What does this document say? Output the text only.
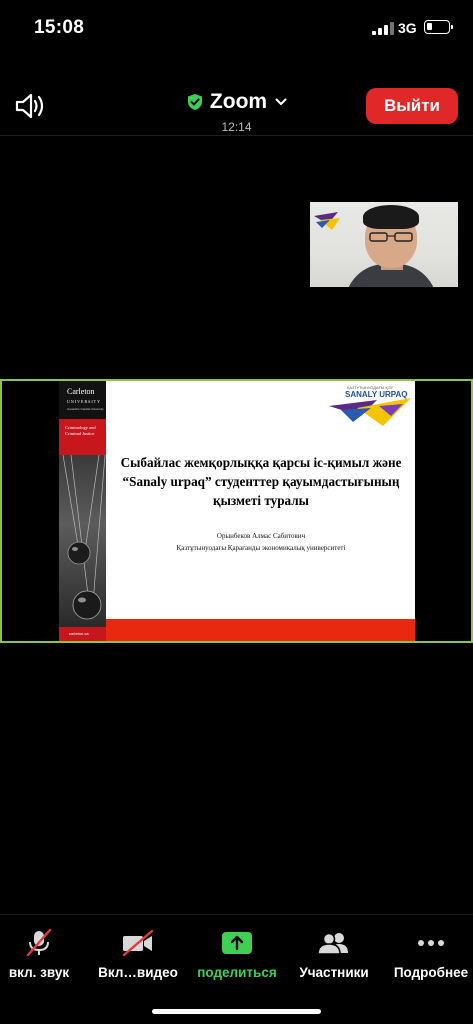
15:08	3G
Zoom
12:14
Выйти
Carleton
UNIVERSITY
Canada's Capital University
Criminology and Criminal Justice
carleton.ca
ҚАЗТҰТЫНУОДАҒЫ ҚЭУ
SANALY URPAQ
Сыбайлас жемқорлыққа қарсы іс-қимыл және “Sanaly urpaq” студенттер қауымдастығының қызметі туралы
Орынбеков Алмас Сабитович
Қазтұтынуодағы Қарағанды экономикалық университеті
вкл. звук Вкл…видео поделиться Участники Подробнее
